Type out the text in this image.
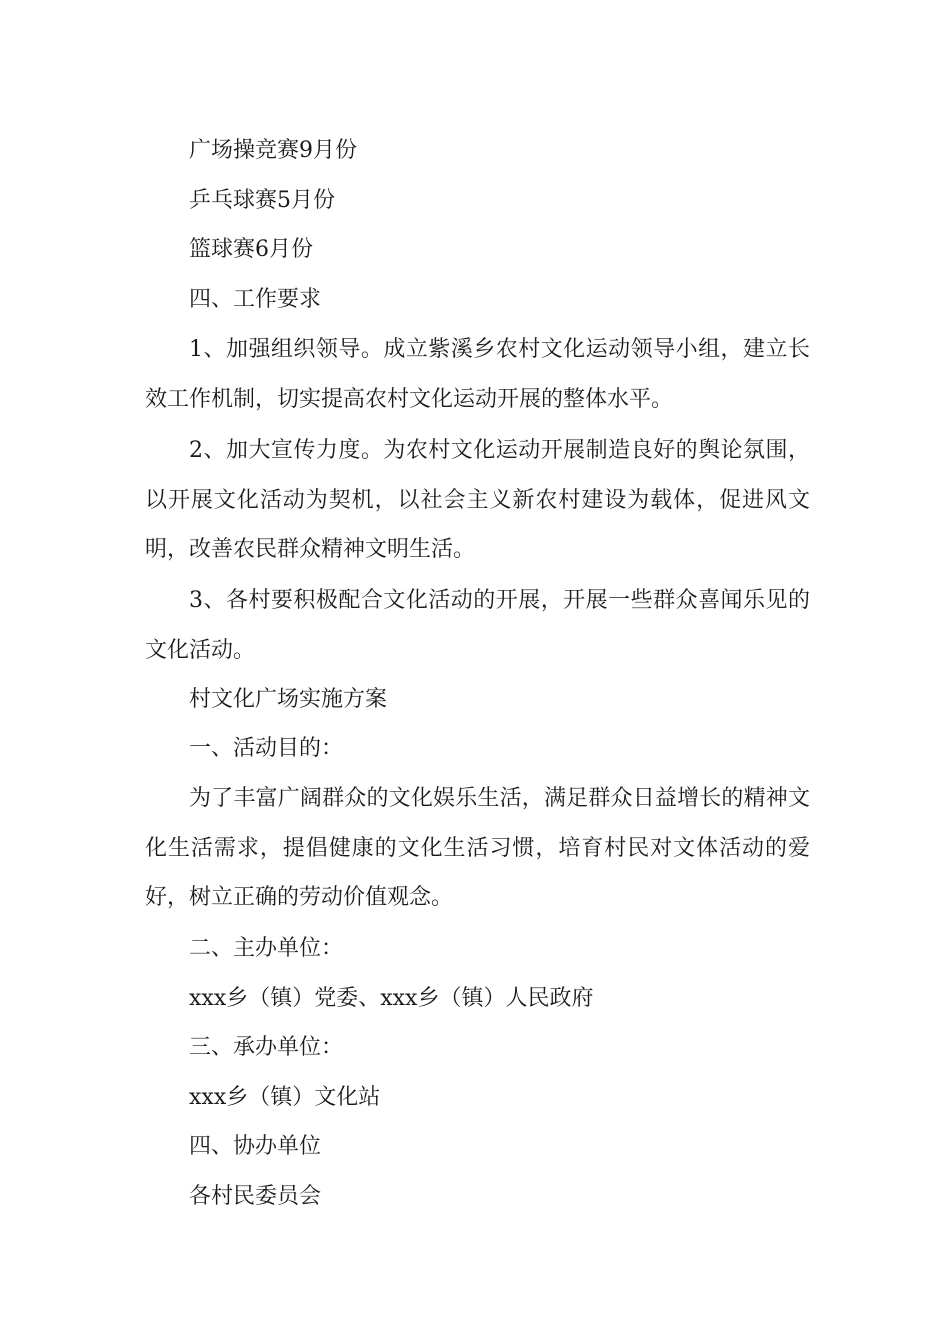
广场操竞赛9月份

乒乓球赛5月份

篮球赛6月份

四、工作要求

1、加强组织领导。成立紫溪乡农村文化运动领导小组，建立长效工作机制，切实提高农村文化运动开展的整体水平。

2、加大宣传力度。为农村文化运动开展制造良好的舆论氛围，以开展文化活动为契机，以社会主义新农村建设为载体，促进风文明，改善农民群众精神文明生活。

3、各村要积极配合文化活动的开展，开展一些群众喜闻乐见的文化活动。

村文化广场实施方案

一、活动目的：

为了丰富广阔群众的文化娱乐生活，满足群众日益增长的精神文化生活需求，提倡健康的文化生活习惯，培育村民对文体活动的爱好，树立正确的劳动价值观念。

二、主办单位：

xxx乡（镇）党委、xxx乡（镇）人民政府

三、承办单位：

xxx乡（镇）文化站

四、协办单位

各村民委员会
